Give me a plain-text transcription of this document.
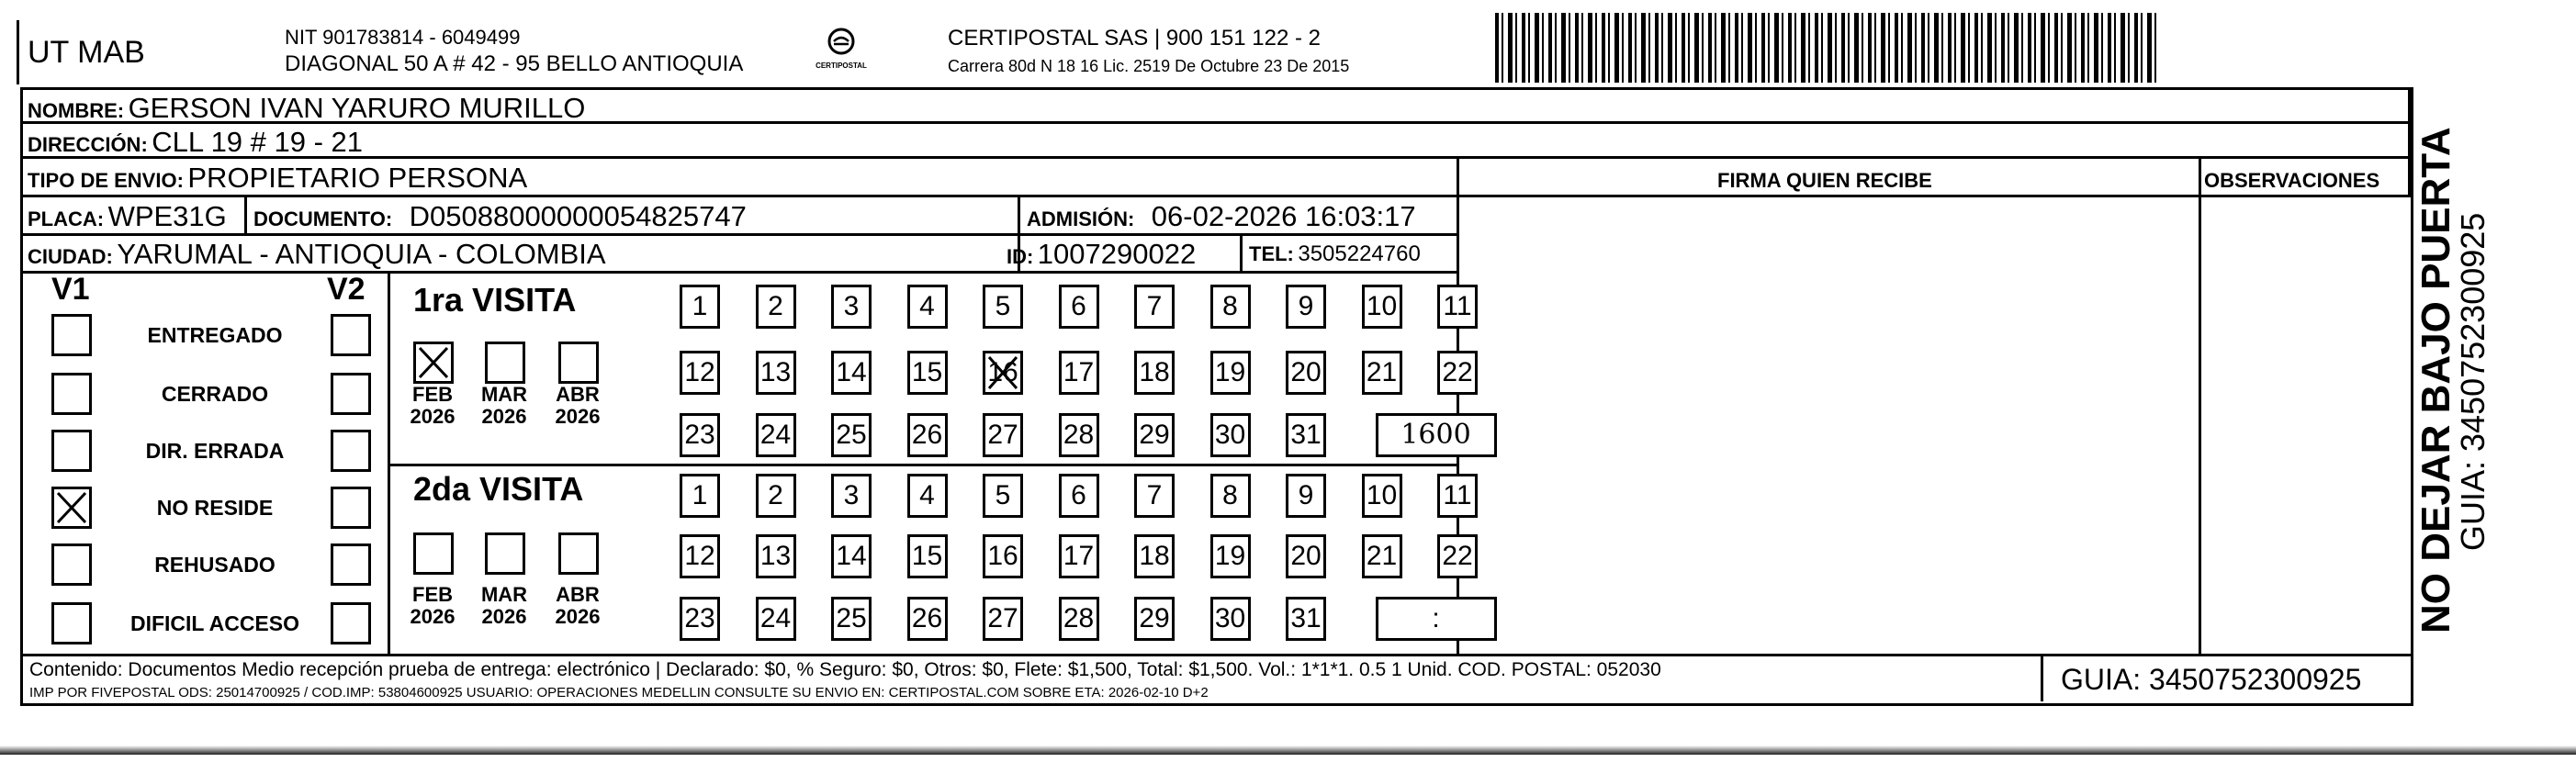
UT MAB	NIT 901783814 - 6049499
DIAGONAL 50 A # 42 - 95 BELLO ANTIOQUIA	CERTIPOSTAL
CERTIPOSTAL SAS | 900 151 122 - 2
Carrera 80d N 18 16 Lic. 2519 De Octubre 23 De 2015
NOMBRE: GERSON IVAN YARURO MURILLO
DIRECCIÓN: CLL 19 # 19 - 21
TIPO DE ENVIO: PROPIETARIO PERSONA	FIRMA QUIEN RECIBE	OBSERVACIONES
PLACA: WPE31G DOCUMENTO: D05088000000054825747	ADMISIÓN: 06-02-2026 16:03:17
CIUDAD: YARUMAL - ANTIOQUIA - COLOMBIA	ID: 1007290022	TEL: 3505224760
V1	V2
ENTREGADO
CERRADO
DIR. ERRADA
NO RESIDE
REHUSADO
DIFICIL ACCESO
1ra VISITA
FEB
2026
MAR
2026
ABR
2026
1	2	3	4	5	6	7	8	9	10 11
12 13 14 15 16 17 18 19 20 21 22
23 24 25 26 27 28 29 30 31	1600
2da VISITA
FEB
2026
MAR
2026
ABR
2026
1	2	3	4	5	6	7	8	9	10 11
12 13 14 15 16 17 18 19 20 21 22
23 24 25 26 27 28 29 30 31	:
Contenido: Documentos Medio recepción prueba de entrega: electrónico | Declarado: $0, % Seguro: $0, Otros: $0, Flete: $1,500, Total: $1,500. Vol.: 1*1*1. 0.5 1 Unid. COD. POSTAL: 052030
IMP POR FIVEPOSTAL ODS: 25014700925 / COD.IMP: 53804600925 USUARIO: OPERACIONES MEDELLIN CONSULTE SU ENVIO EN: CERTIPOSTAL.COM SOBRE ETA: 2026-02-10 D+2	GUIA: 3450752300925
NO DEJAR BAJO PUERTA
GUIA: 3450752300925
